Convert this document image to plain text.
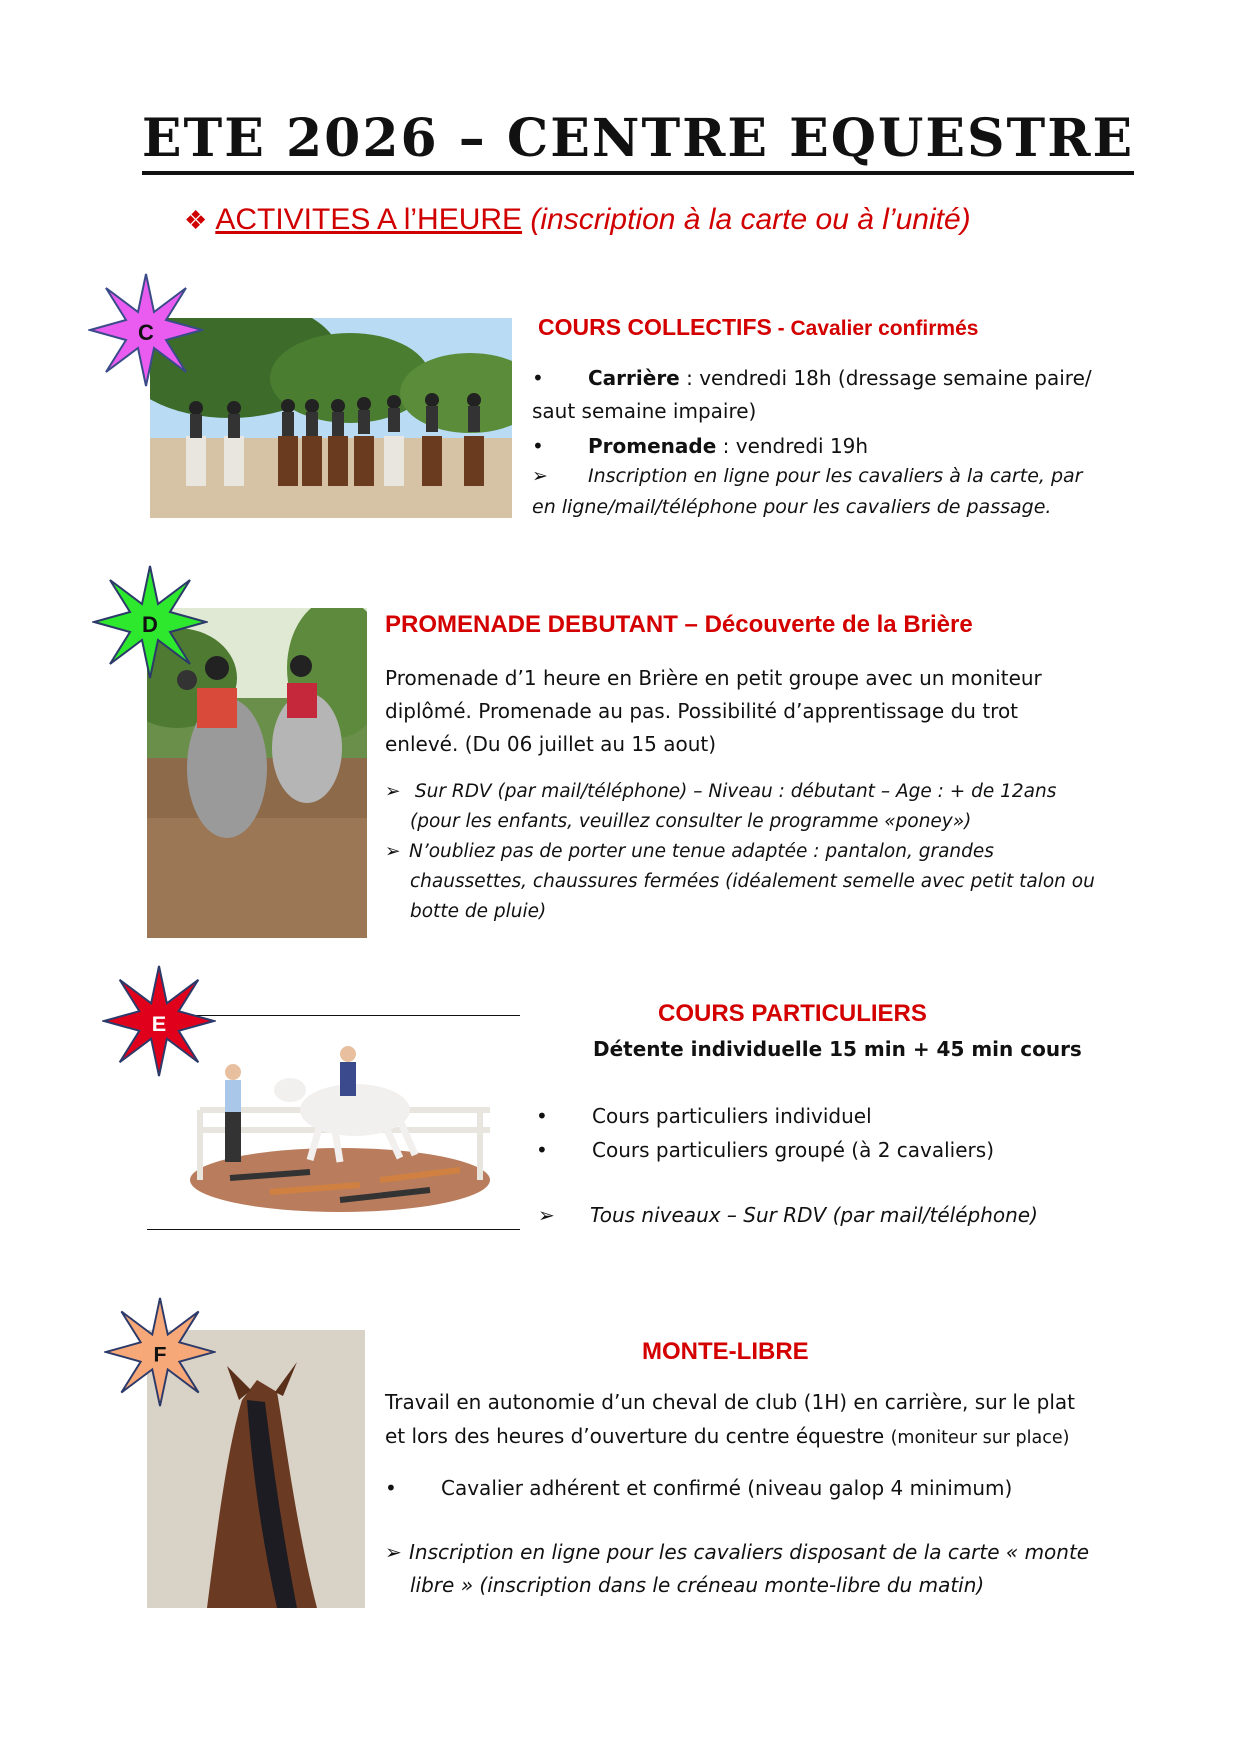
ETE 2026 – CENTRE EQUESTRE
❖ ACTIVITES A l’HEURE (inscription à la carte ou à l’unité)
C	COURS COLLECTIFS - Cavalier confirmés
• Carrière : vendredi 18h (dressage semaine paire/
saut semaine impaire)
• Promenade : vendredi 19h
➢ Inscription en ligne pour les cavaliers à la carte, par
en ligne/mail/téléphone pour les cavaliers de passage.
D	PROMENADE DEBUTANT – Découverte de la Brière
Promenade d’1 heure en Brière en petit groupe avec un moniteur
diplômé. Promenade au pas. Possibilité d’apprentissage du trot
enlevé. (Du 06 juillet au 15 aout)
➢ Sur RDV (par mail/téléphone) – Niveau : débutant – Age : + de 12ans
(pour les enfants, veuillez consulter le programme «poney»)
➢ N’oubliez pas de porter une tenue adaptée : pantalon, grandes
chaussettes, chaussures fermées (idéalement semelle avec petit talon ou
botte de pluie)
E	COURS PARTICULIERS
Détente individuelle 15 min + 45 min cours
• Cours particuliers individuel
• Cours particuliers groupé (à 2 cavaliers)
➢ Tous niveaux – Sur RDV (par mail/téléphone)
F	MONTE-LIBRE
Travail en autonomie d’un cheval de club (1H) en carrière, sur le plat
et lors des heures d’ouverture du centre équestre (moniteur sur place)
• Cavalier adhérent et confirmé (niveau galop 4 minimum)
➢ Inscription en ligne pour les cavaliers disposant de la carte « monte
libre » (inscription dans le créneau monte-libre du matin)
